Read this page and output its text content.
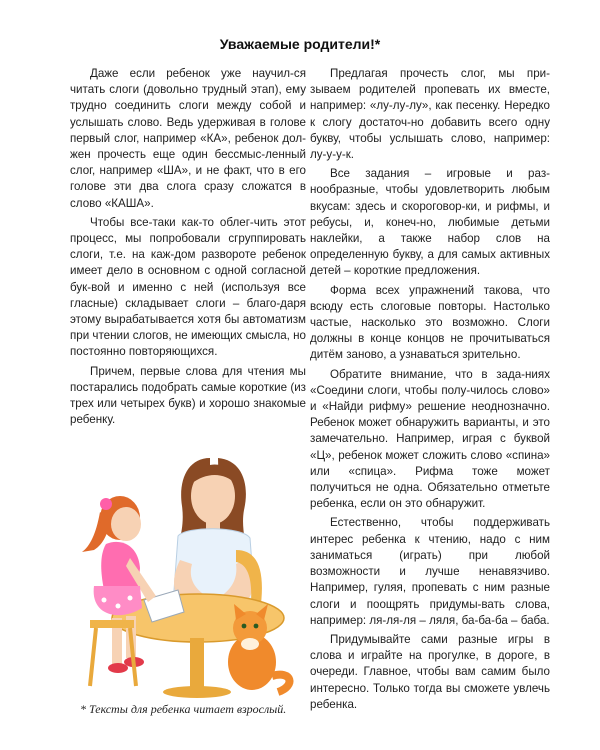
Уважаемые родители!*

Даже если ребенок уже научил-ся читать слоги (довольно трудный этап), ему трудно соединить слоги между собой и услышать слово. Ведь удерживая в голове первый слог, например «КА», ребенок дол-жен прочесть еще один бессмыс-ленный слог, например «ША», и не факт, что в его голове эти два слога сразу сложатся в слово «КАША».

Чтобы все-таки как-то облег-чить этот процесс, мы попробовали сгруппировать слоги, т.е. на каж-дом развороте ребенок имеет дело в основном с одной согласной бук-вой и именно с ней (используя все гласные) складывает слоги – благо-даря этому вырабатывается хотя бы автоматизм при чтении слогов, не имеющих смысла, но постоянно повторяющихся.

Причем, первые слова для чтения мы постарались подобрать самые короткие (из трех или четырех букв) и хорошо знакомые ребенку.

Предлагая прочесть слог, мы при-зываем родителей пропевать их вместе, например: «лу-лу-лу», как песенку. Нередко к слогу достаточ-но добавить всего одну букву, чтобы услышать слово, например: лу-у-у-к.

Все задания – игровые и раз-нообразные, чтобы удовлетворить любым вкусам: здесь и скороговор-ки, и рифмы, и ребусы, и, конеч-но, любимые детьми наклейки, а также набор слов на определенную букву, а для самых активных детей – короткие предложения.

Форма всех упражнений такова, что всюду есть слоговые повторы. Настолько частые, насколько это возможно. Слоги должны в конце концов не прочитываться дитём заново, а узнаваться зрительно.

Обратите внимание, что в зада-ниях «Соедини слоги, чтобы полу-чилось слово» и «Найди рифму» решение неоднозначно. Ребенок может обнаружить варианты, и это замечательно. Например, играя с буквой «Ц», ребенок может сложить слово «спина» или «спица». Рифма тоже может получиться не одна. Обязательно отметьте ребенка, если он это обнаружит.

Естественно, чтобы поддерживать интерес ребенка к чтению, надо с ним заниматься (играть) при любой возможности и лучше ненавязчиво. Например, гуляя, пропевать с ним разные слоги и поощрять придумы-вать слова, например: ля-ля-ля – ляля, ба-ба-ба – баба.

Придумывайте сами разные игры в слова и играйте на прогулке, в дороге, в очереди. Главное, чтобы вам самим было интересно. Только тогда вы сможете увлечь ребенка.

* Тексты для ребенка читает взрослый.
